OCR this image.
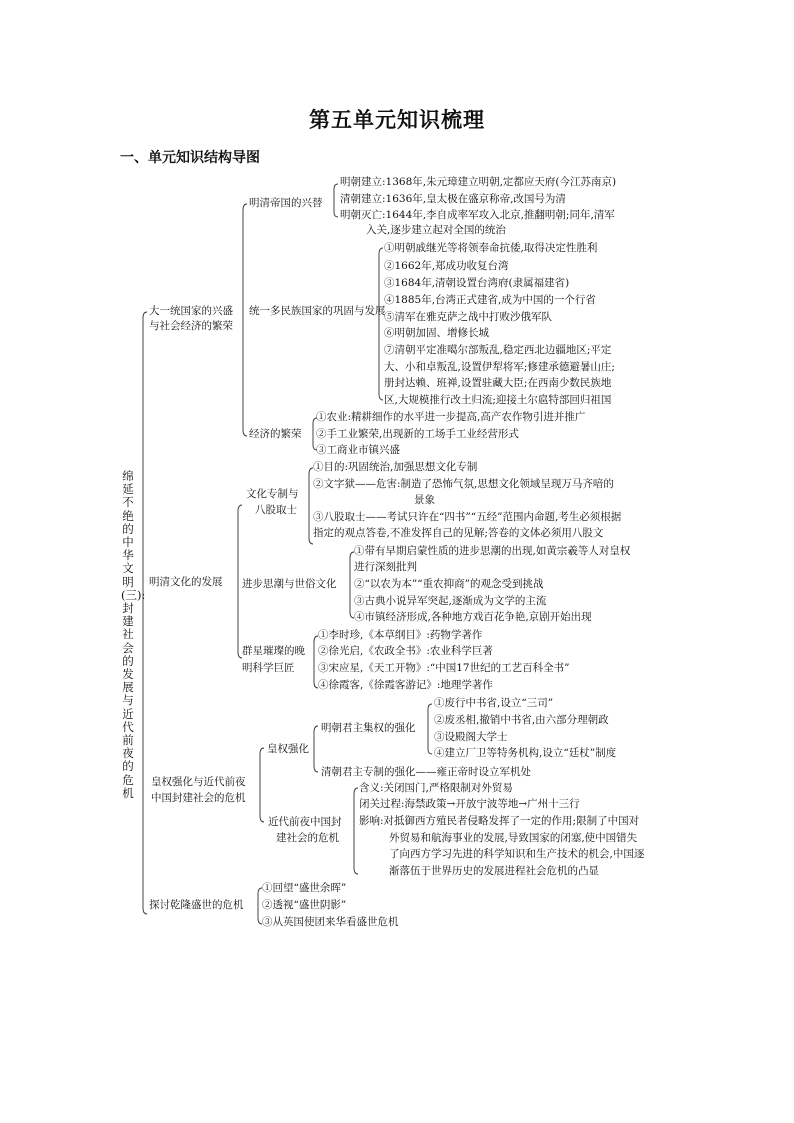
第五单元知识梳理
一、单元知识结构导图
绵延不绝的中华文明(三):封建社会的发展与近代前夜的危机
大一统国家的兴盛
与社会经济的繁荣
明清帝国的兴替
明朝建立:1368年,朱元璋建立明朝,定都应天府(今江苏南京)
清朝建立:1636年,皇太极在盛京称帝,改国号为清
明朝灭亡:1644年,李自成率军攻入北京,推翻明朝;同年,清军
入关,逐步建立起对全国的统治
统一多民族国家的巩固与发展
①明朝戚继光等将领奉命抗倭,取得决定性胜利
②1662年,郑成功收复台湾
③1684年,清朝设置台湾府(隶属福建省)
④1885年,台湾正式建省,成为中国的一个行省
⑤清军在雅克萨之战中打败沙俄军队
⑥明朝加固、增修长城
⑦清朝平定准噶尔部叛乱,稳定西北边疆地区;平定
大、小和卓叛乱,设置伊犁将军;修建承德避暑山庄;
册封达赖、班禅,设置驻藏大臣;在西南少数民族地
区,大规模推行改土归流;迎接土尔扈特部回归祖国
经济的繁荣
①农业:精耕细作的水平进一步提高,高产农作物引进并推广
②手工业繁荣,出现新的工场手工业经营形式
③工商业市镇兴盛
明清文化的发展
文化专制与
八股取士
①目的:巩固统治,加强思想文化专制
②文字狱——危害:制造了恐怖气氛,思想文化领域呈现万马齐喑的
景象
③八股取士——考试只许在“四书”“五经”范围内命题,考生必须根据
指定的观点答卷,不准发挥自己的见解;答卷的文体必须用八股文
进步思潮与世俗文化
①带有早期启蒙性质的进步思潮的出现,如黄宗羲等人对皇权
进行深刻批判
②“以农为本”“重农抑商”的观念受到挑战
③古典小说异军突起,逐渐成为文学的主流
④市镇经济形成,各种地方戏百花争艳,京剧开始出现
群星璀璨的晚
明科学巨匠
①李时珍,《本草纲目》:药物学著作
②徐光启,《农政全书》:农业科学巨著
③宋应星,《天工开物》:“中国17世纪的工艺百科全书”
④徐霞客,《徐霞客游记》:地理学著作
皇权强化与近代前夜
中国封建社会的危机
皇权强化
明朝君主集权的强化
①废行中书省,设立“三司”
②废丞相,撤销中书省,由六部分理朝政
③设殿阁大学士
④建立厂卫等特务机构,设立“廷杖”制度
清朝君主专制的强化——雍正帝时设立军机处
近代前夜中国封
建社会的危机
含义:关闭国门,严格限制对外贸易
闭关过程:海禁政策→开放宁波等地→广州十三行
影响:对抵御西方殖民者侵略发挥了一定的作用;限制了中国对
外贸易和航海事业的发展,导致国家的闭塞,使中国错失
了向西方学习先进的科学知识和生产技术的机会,中国逐
渐落伍于世界历史的发展进程社会危机的凸显
探讨乾隆盛世的危机
①回望“盛世余晖”
②透视“盛世阴影”
③从英国使团来华看盛世危机
